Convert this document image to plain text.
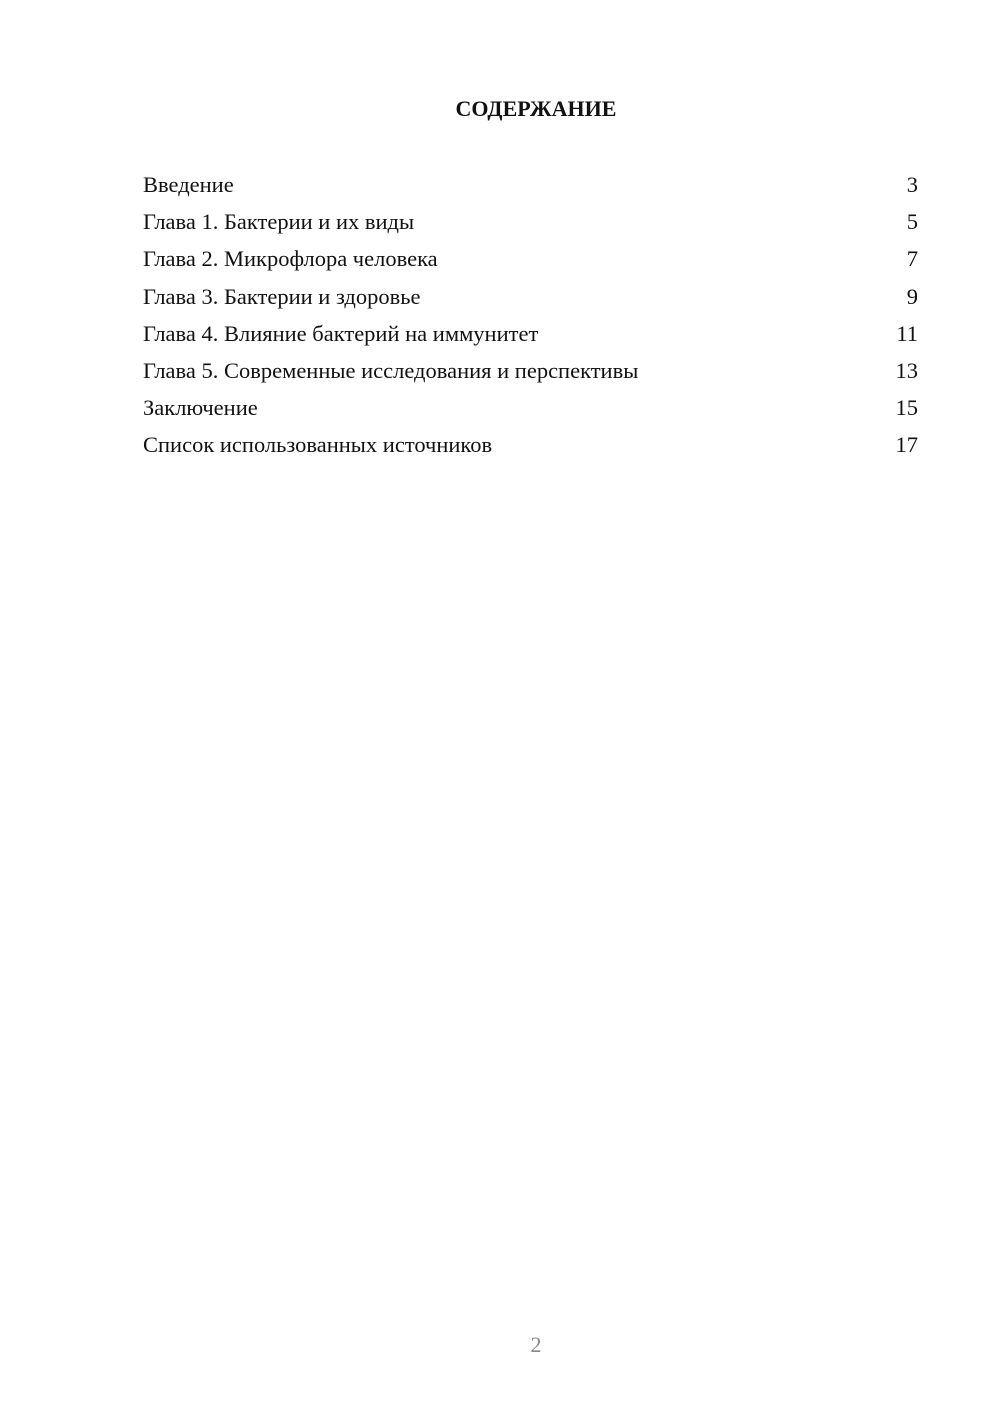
СОДЕРЖАНИЕ
Введение	3
Глава 1. Бактерии и их виды	5
Глава 2. Микрофлора человека	7
Глава 3. Бактерии и здоровье	9
Глава 4. Влияние бактерий на иммунитет	11
Глава 5. Современные исследования и перспективы	13
Заключение	15
Список использованных источников	17
2
